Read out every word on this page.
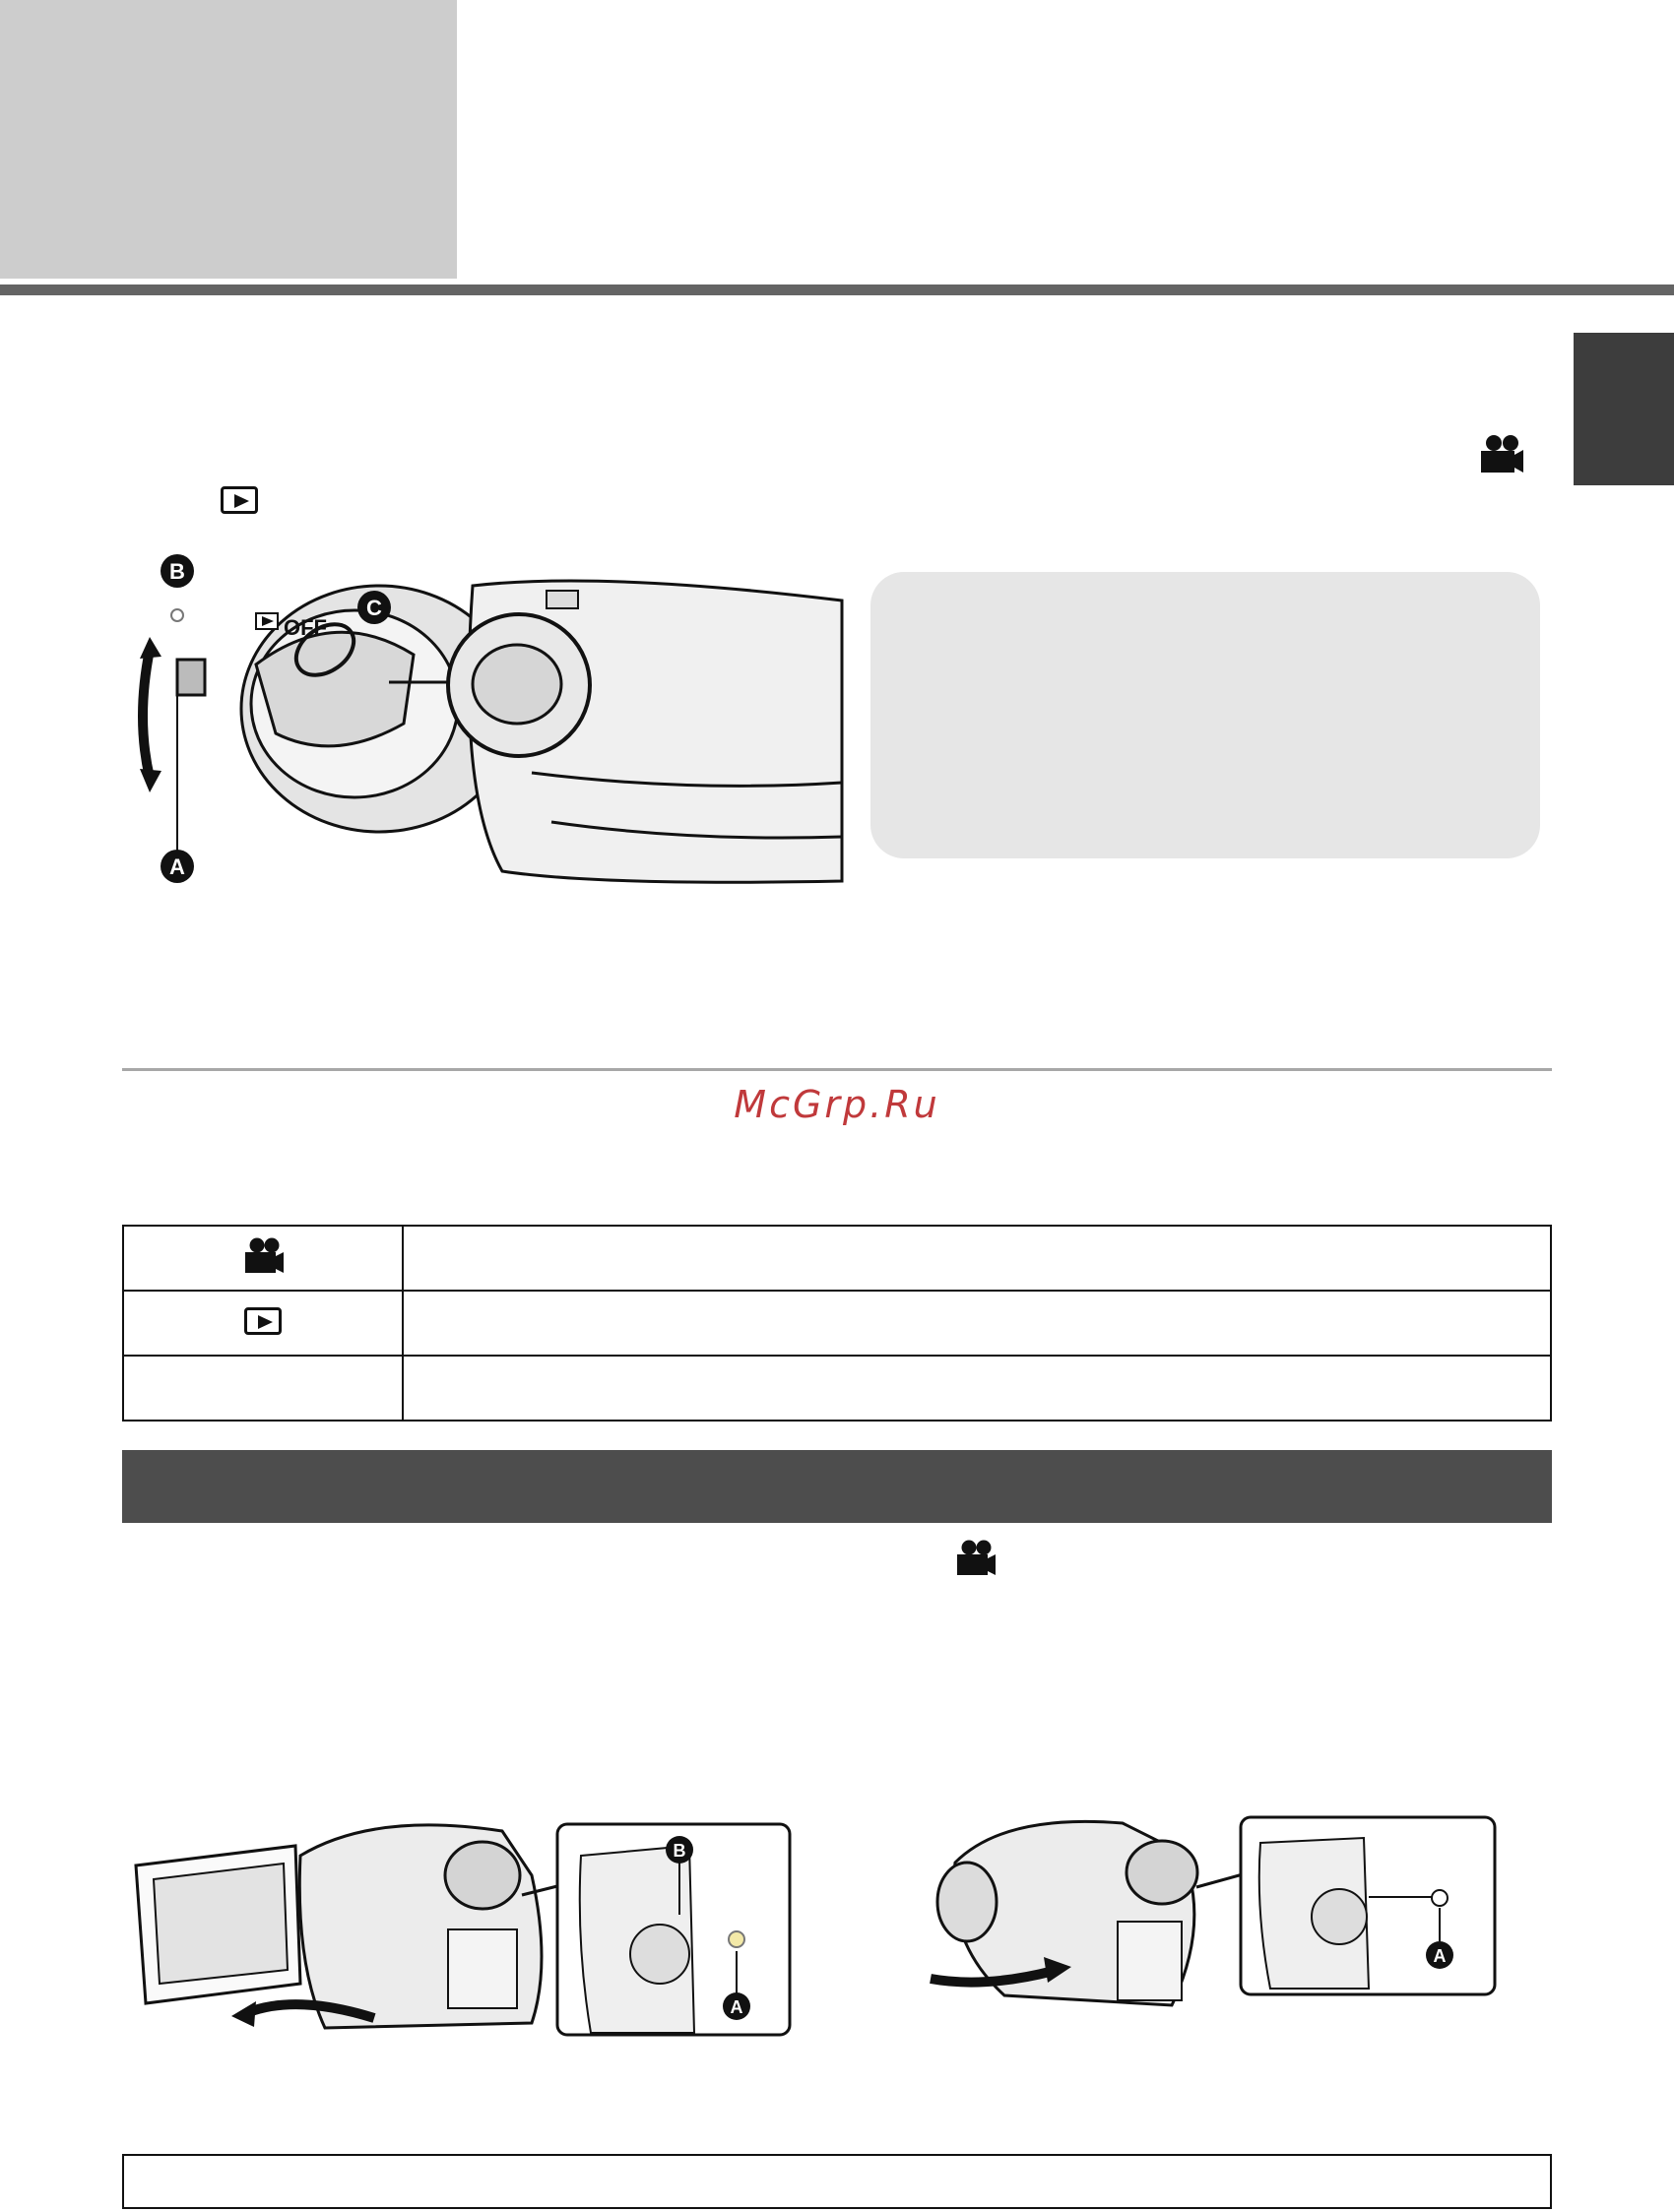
OFF
B
C
A
McGrp.Ru

B
A
A
